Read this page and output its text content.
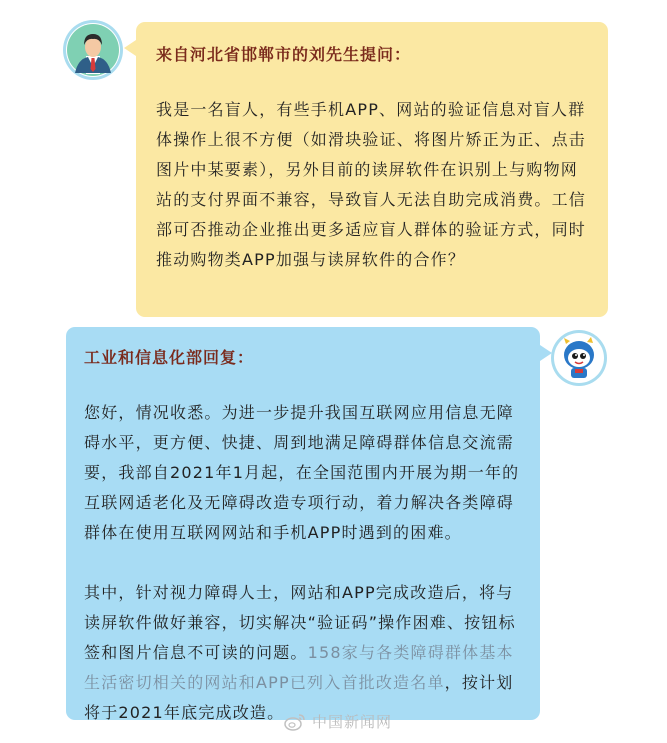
来自河北省邯郸市的刘先生提问：

我是一名盲人，有些手机APP、网站的验证信息对盲人群体操作上很不方便（如滑块验证、将图片矫正为正、点击图片中某要素），另外目前的读屏软件在识别上与购物网站的支付界面不兼容，导致盲人无法自助完成消费。工信部可否推动企业推出更多适应盲人群体的验证方式，同时推动购物类APP加强与读屏软件的合作？

工业和信息化部回复：

您好，情况收悉。为进一步提升我国互联网应用信息无障碍水平，更方便、快捷、周到地满足障碍群体信息交流需要，我部自2021年1月起，在全国范围内开展为期一年的互联网适老化及无障碍改造专项行动，着力解决各类障碍群体在使用互联网网站和手机APP时遇到的困难。

其中，针对视力障碍人士，网站和APP完成改造后，将与读屏软件做好兼容，切实解决“验证码”操作困难、按钮标签和图片信息不可读的问题。158家与各类障碍群体基本生活密切相关的网站和APP已列入首批改造名单，按计划将于2021年底完成改造。	中国新闻网
